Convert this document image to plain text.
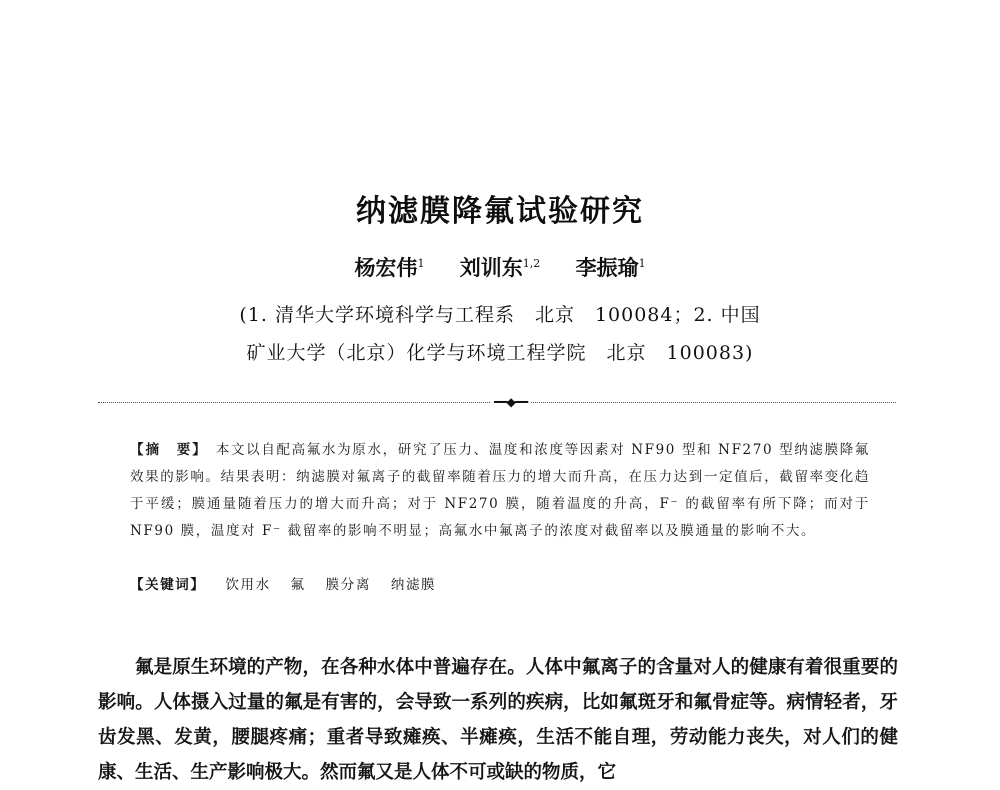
纳滤膜降氟试验研究
杨宏伟$^1$ 刘训东$^{1,2}$ 李振瑜$^1$
(1. 清华大学环境科学与工程系　北京　100084；2. 中国
矿业大学（北京）化学与环境工程学院　北京　100083)
━━◆━━
【摘　要】 本文以自配高氟水为原水，研究了压力、温度和浓度等因素对 NF90 型和 NF270 型纳滤膜降氟效果的影响。结果表明：纳滤膜对氟离子的截留率随着压力的增大而升高，在压力达到一定值后，截留率变化趋于平缓；膜通量随着压力的增大而升高；对于 NF270 膜，随着温度的升高，F⁻ 的截留率有所下降；而对于 NF90 膜，温度对 F⁻ 截留率的影响不明显；高氟水中氟离子的浓度对截留率以及膜通量的影响不大。
【关键词】 饮用水 氟 膜分离 纳滤膜

氟是原生环境的产物，在各种水体中普遍存在。人体中氟离子的含量对人的健康有着很重要的影响。人体摄入过量的氟是有害的，会导致一系列的疾病，比如氟斑牙和氟骨症等。病情轻者，牙齿发黑、发黄，腰腿疼痛；重者导致瘫痪、半瘫痪，生活不能自理，劳动能力丧失，对人们的健康、生活、生产影响极大。然而氟又是人体不可或缺的物质，它
